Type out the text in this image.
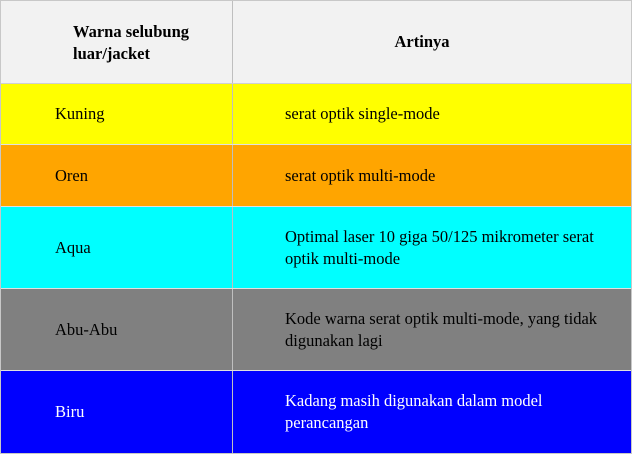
Warna selubung luar/jacket
Artinya
Kuning	serat optik single-mode
Oren	serat optik multi-mode
Aqua
Optimal laser 10 giga 50/125 mikrometer serat optik multi-mode
Abu-Abu
Kode warna serat optik multi-mode, yang tidak digunakan lagi
Biru
Kadang masih digunakan dalam model perancangan
